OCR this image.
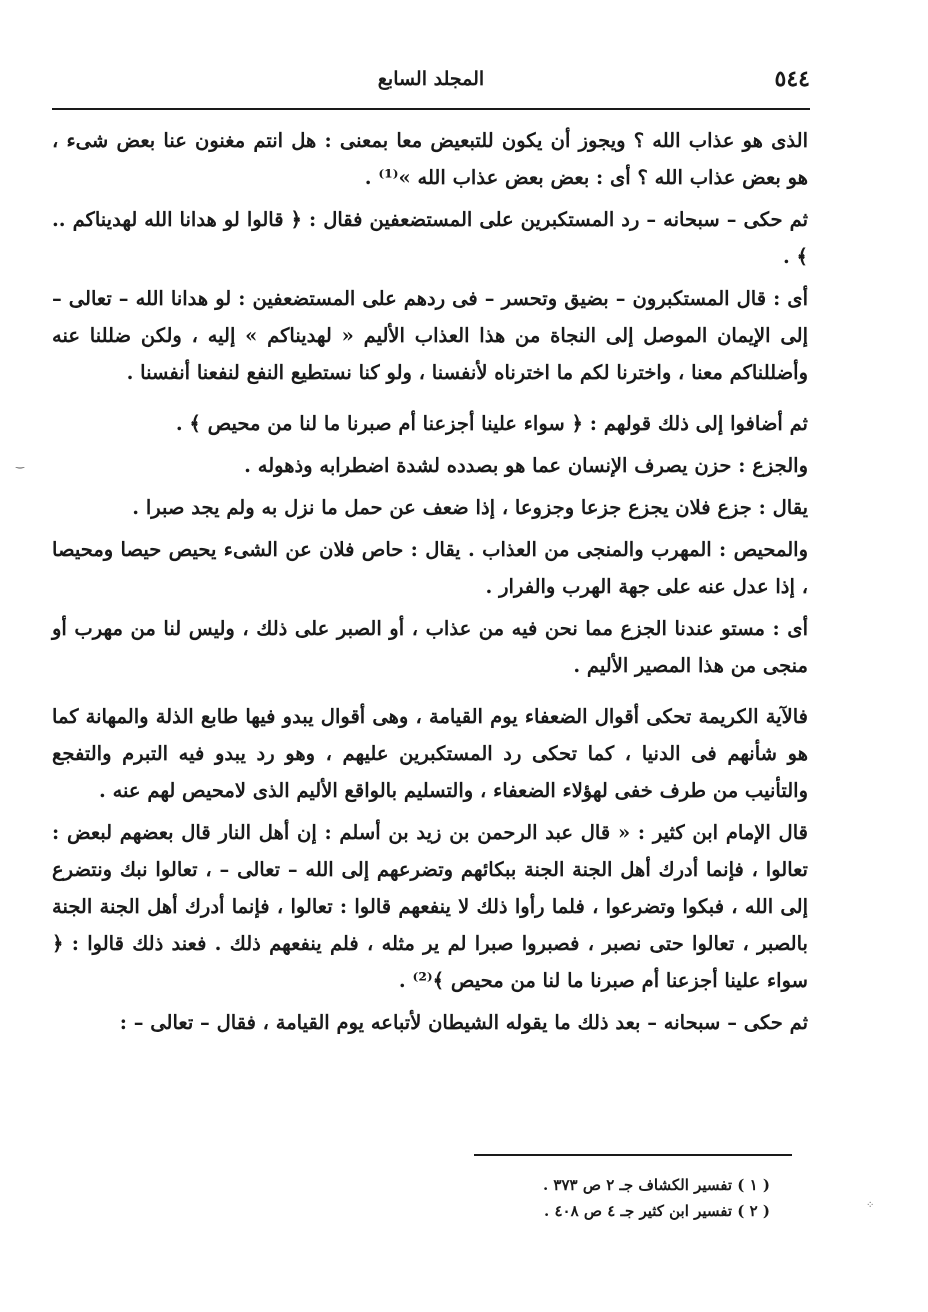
٥٤٤
المجلد السابع

الذى هو عذاب الله ؟ ويجوز أن يكون للتبعيض معا بمعنى : هل انتم مغنون عنا بعض شىء ، هو بعض عذاب الله ؟ أى : بعض بعض عذاب الله »⁽¹⁾ .

ثم حكى – سبحانه – رد المستكبرين على المستضعفين فقال : ﴿ قالوا لو هدانا الله لهديناكم .. ﴾ .

أى : قال المستكبرون – بضيق وتحسر – فى ردهم على المستضعفين : لو هدانا الله – تعالى – إلى الإيمان الموصل إلى النجاة من هذا العذاب الأليم « لهديناكم » إليه ، ولكن ضللنا عنه وأضللناكم معنا ، واخترنا لكم ما اخترناه لأنفسنا ، ولو كنا نستطيع النفع لنفعنا أنفسنا .

ثم أضافوا إلى ذلك قولهم : ﴿ سواء علينا أجزعنا أم صبرنا ما لنا من محيص ﴾ .

والجزع : حزن يصرف الإنسان عما هو بصدده لشدة اضطرابه وذهوله .

يقال : جزع فلان يجزع جزعا وجزوعا ، إذا ضعف عن حمل ما نزل به ولم يجد صبرا .

والمحيص : المهرب والمنجى من العذاب . يقال : حاص فلان عن الشىء يحيص حيصا ومحيصا ، إذا عدل عنه على جهة الهرب والفرار .

أى : مستو عندنا الجزع مما نحن فيه من عذاب ، أو الصبر على ذلك ، وليس لنا من مهرب أو منجى من هذا المصير الأليم .

فالآية الكريمة تحكى أقوال الضعفاء يوم القيامة ، وهى أقوال يبدو فيها طابع الذلة والمهانة كما هو شأنهم فى الدنيا ، كما تحكى رد المستكبرين عليهم ، وهو رد يبدو فيه التبرم والتفجع والتأنيب من طرف خفى لهؤلاء الضعفاء ، والتسليم بالواقع الأليم الذى لامحيص لهم عنه .

قال الإمام ابن كثير : « قال عبد الرحمن بن زيد بن أسلم : إن أهل النار قال بعضهم لبعض : تعالوا ، فإنما أدرك أهل الجنة الجنة ببكائهم وتضرعهم إلى الله – تعالى – ، تعالوا نبك ونتضرع إلى الله ، فبكوا وتضرعوا ، فلما رأوا ذلك لا ينفعهم قالوا : تعالوا ، فإنما أدرك أهل الجنة الجنة بالصبر ، تعالوا حتى نصبر ، فصبروا صبرا لم ير مثله ، فلم ينفعهم ذلك . فعند ذلك قالوا : ﴿ سواء علينا أجزعنا أم صبرنا ما لنا من محيص ﴾⁽²⁾ .

ثم حكى – سبحانه – بعد ذلك ما يقوله الشيطان لأتباعه يوم القيامة ، فقال – تعالى – :

( ١ ) تفسير الكشاف جـ ٢ ص ٣٧٣ .
( ٢ ) تفسير ابن كثير جـ ٤ ص ٤٠٨ .
‿
⁘
